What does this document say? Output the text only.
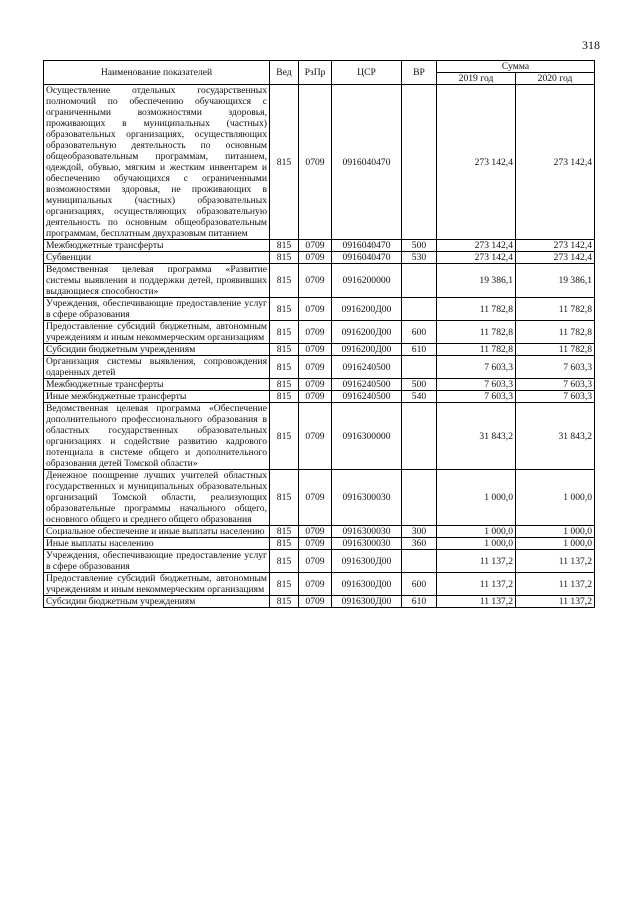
318
Наименование показателей	Вед	РзПр	ЦСР	ВР	Сумма	
					2019 год	2020 год
Осуществление отдельных государственных полномочий по обеспечению обучающихся с ограниченными возможностями здоровья, проживающих в муниципальных (частных) образовательных организациях, осуществляющих образовательную деятельность по основным общеобразовательным программам, питанием, одеждой, обувью, мягким и жестким инвентарем и обеспечению обучающихся с ограниченными возможностями здоровья, не проживающих в муниципальных (частных) образовательных организациях, осуществляющих образовательную деятельность по основным общеобразовательным программам, бесплатным двухразовым питанием	815	0709	0916040470		273 142,4	273 142,4
Межбюджетные трансферты	815	0709	0916040470	500	273 142,4	273 142,4
Субвенции	815	0709	0916040470	530	273 142,4	273 142,4
Ведомственная целевая программа «Развитие системы выявления и поддержки детей, проявивших выдающиеся способности»	815	0709	0916200000		19 386,1	19 386,1
Учреждения, обеспечивающие предоставление услуг в сфере образования	815	0709	0916200Д00		11 782,8	11 782,8
Предоставление субсидий бюджетным, автономным учреждениям и иным некоммерческим организациям	815	0709	0916200Д00	600	11 782,8	11 782,8
Субсидии бюджетным учреждениям	815	0709	0916200Д00	610	11 782,8	11 782,8
Организация системы выявления, сопровождения одаренных детей	815	0709	0916240500		7 603,3	7 603,3
Межбюджетные трансферты	815	0709	0916240500	500	7 603,3	7 603,3
Иные межбюджетные трансферты	815	0709	0916240500	540	7 603,3	7 603,3
Ведомственная целевая программа «Обеспечение дополнительного профессионального образования в областных государственных образовательных организациях и содействие развитию кадрового потенциала в системе общего и дополнительного образования детей Томской области»	815	0709	0916300000		31 843,2	31 843,2
Денежное поощрение лучших учителей областных государственных и муниципальных образовательных организаций Томской области, реализующих образовательные программы начального общего, основного общего и среднего общего образования	815	0709	0916300030		1 000,0	1 000,0
Социальное обеспечение и иные выплаты населению	815	0709	0916300030	300	1 000,0	1 000,0
Иные выплаты населению	815	0709	0916300030	360	1 000,0	1 000,0
Учреждения, обеспечивающие предоставление услуг в сфере образования	815	0709	0916300Д00		11 137,2	11 137,2
Предоставление субсидий бюджетным, автономным учреждениям и иным некоммерческим организациям	815	0709	0916300Д00	600	11 137,2	11 137,2
Субсидии бюджетным учреждениям	815	0709	0916300Д00	610	11 137,2	11 137,2
